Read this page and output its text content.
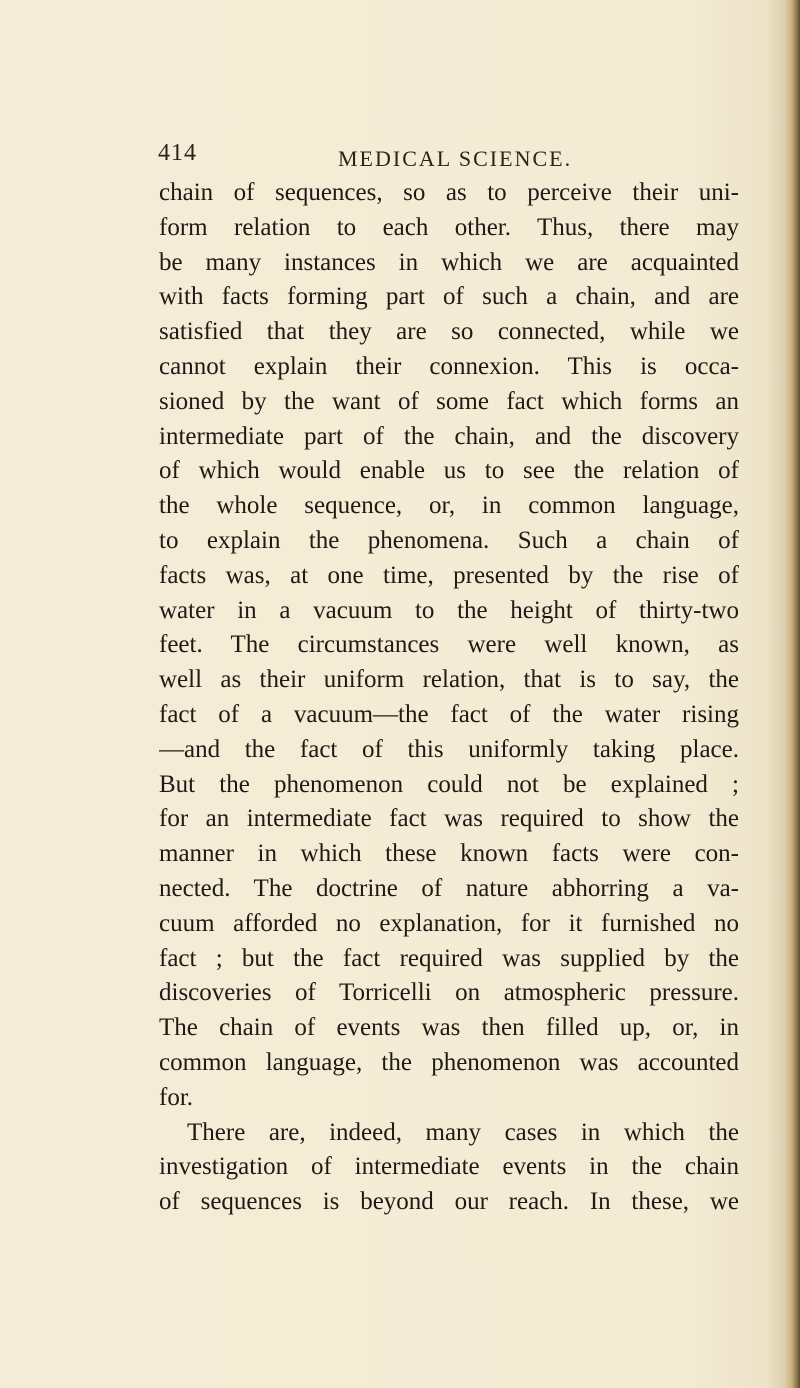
414	MEDICAL SCIENCE.
chain of sequences, so as to perceive their uni-
form relation to each other. Thus, there may
be many instances in which we are acquainted
with facts forming part of such a chain, and are
satisfied that they are so connected, while we
cannot explain their connexion. This is occa-
sioned by the want of some fact which forms an
intermediate part of the chain, and the discovery
of which would enable us to see the relation of
the whole sequence, or, in common language,
to explain the phenomena. Such a chain of
facts was, at one time, presented by the rise of
water in a vacuum to the height of thirty-two
feet. The circumstances were well known, as
well as their uniform relation, that is to say, the
fact of a vacuum—the fact of the water rising
—and the fact of this uniformly taking place.
But the phenomenon could not be explained ;
for an intermediate fact was required to show the
manner in which these known facts were con-
nected. The doctrine of nature abhorring a va-
cuum afforded no explanation, for it furnished no
fact ; but the fact required was supplied by the
discoveries of Torricelli on atmospheric pressure.
The chain of events was then filled up, or, in
common language, the phenomenon was accounted
for.
There are, indeed, many cases in which the
investigation of intermediate events in the chain
of sequences is beyond our reach. In these, we
